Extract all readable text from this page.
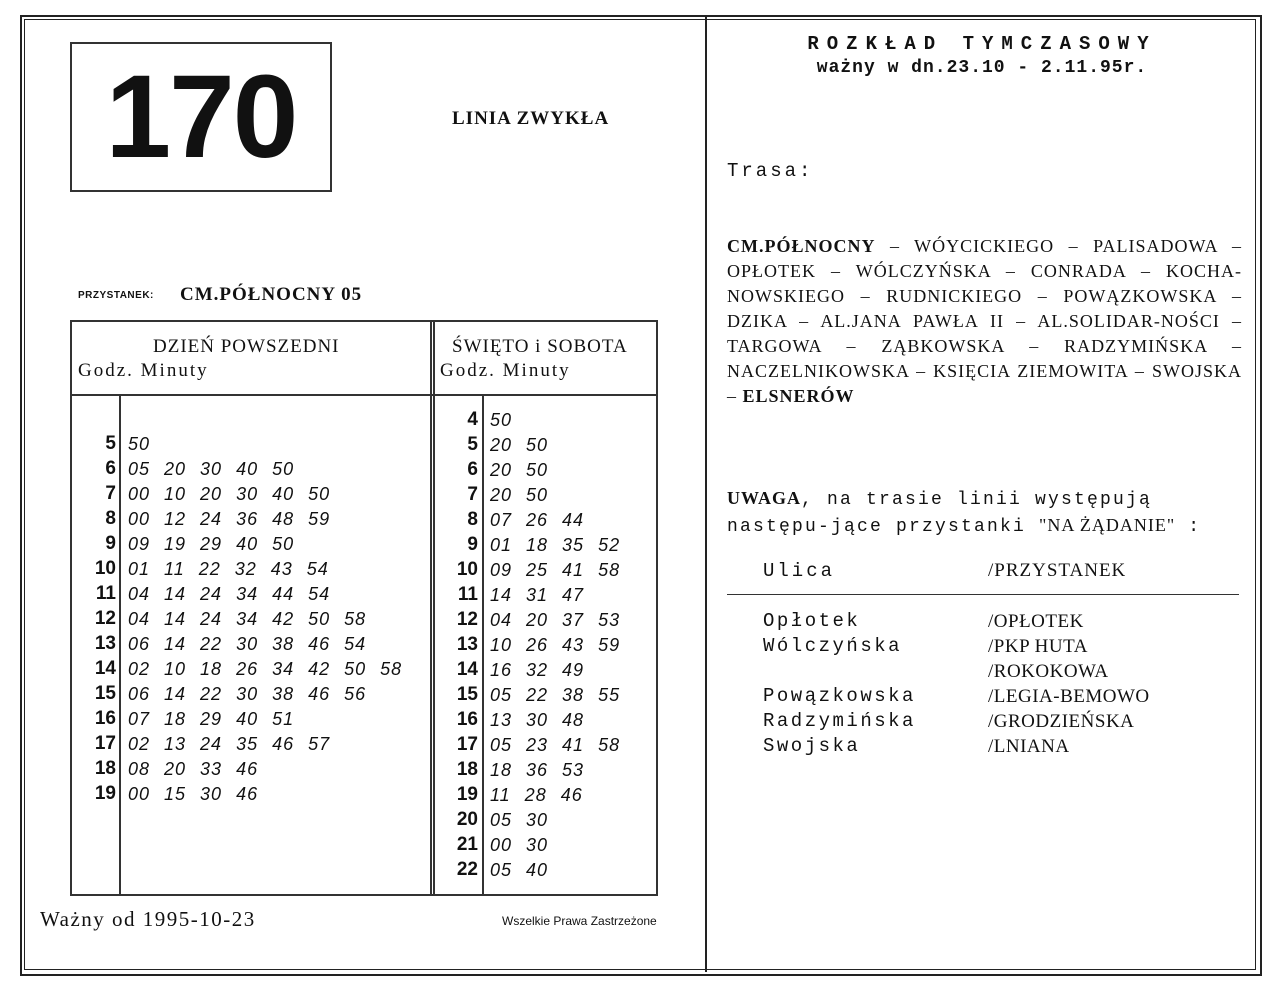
170	LINIA ZWYKŁA
PRZYSTANEK: CM.PÓŁNOCNY 05
DZIEŃ POWSZEDNI
Godz. Minuty
ŚWIĘTO i SOBOTA
Godz. Minuty
5 50
6 05 20 30 40 50
7 00 10 20 30 40 50
8 00 12 24 36 48 59
9 09 19 29 40 50
10 01 11 22 32 43 54
11 04 14 24 34 44 54
12 04 14 24 34 42 50 58
13 06 14 22 30 38 46 54
14 02 10 18 26 34 42 50 58
15 06 14 22 30 38 46 56
16 07 18 29 40 51
17 02 13 24 35 46 57
18 08 20 33 46
19 00 15 30 46
4 50
5 20 50
6 20 50
7 20 50
8 07 26 44
9 01 18 35 52
10 09 25 41 58
11 14 31 47
12 04 20 37 53
13 10 26 43 59
14 16 32 49
15 05 22 38 55
16 13 30 48
17 05 23 41 58
18 18 36 53
19 11 28 46
20 05 30
21 00 30
22 05 40
Ważny od 1995-10-23	Wszelkie Prawa Zastrzeżone
ROZKŁAD TYMCZASOWY
ważny w dn.23.10 - 2.11.95r.
Trasa:
CM.PÓŁNOCNY – WÓYCICKIEGO – PALISADOWA – OPŁOTEK – WÓLCZYŃSKA – CONRADA – KOCHA-NOWSKIEGO – RUDNICKIEGO – POWĄZKOWSKA – DZIKA – AL.JANA PAWŁA II – AL.SOLIDAR-NOŚCI – TARGOWA – ZĄBKOWSKA – RADZYMIŃSKA – NACZELNIKOWSKA – KSIĘCIA ZIEMOWITA – SWOJSKA – ELSNERÓW
UWAGA, na trasie linii występują następu-jące przystanki "NA ŻĄDANIE" :
Ulica	/PRZYSTANEK
Opłotek	/OPŁOTEK
Wólczyńska	/PKP HUTA
/ROKOKOWA
Powązkowska	/LEGIA-BEMOWO
Radzymińska	/GRODZIEŃSKA
Swojska	/LNIANA
